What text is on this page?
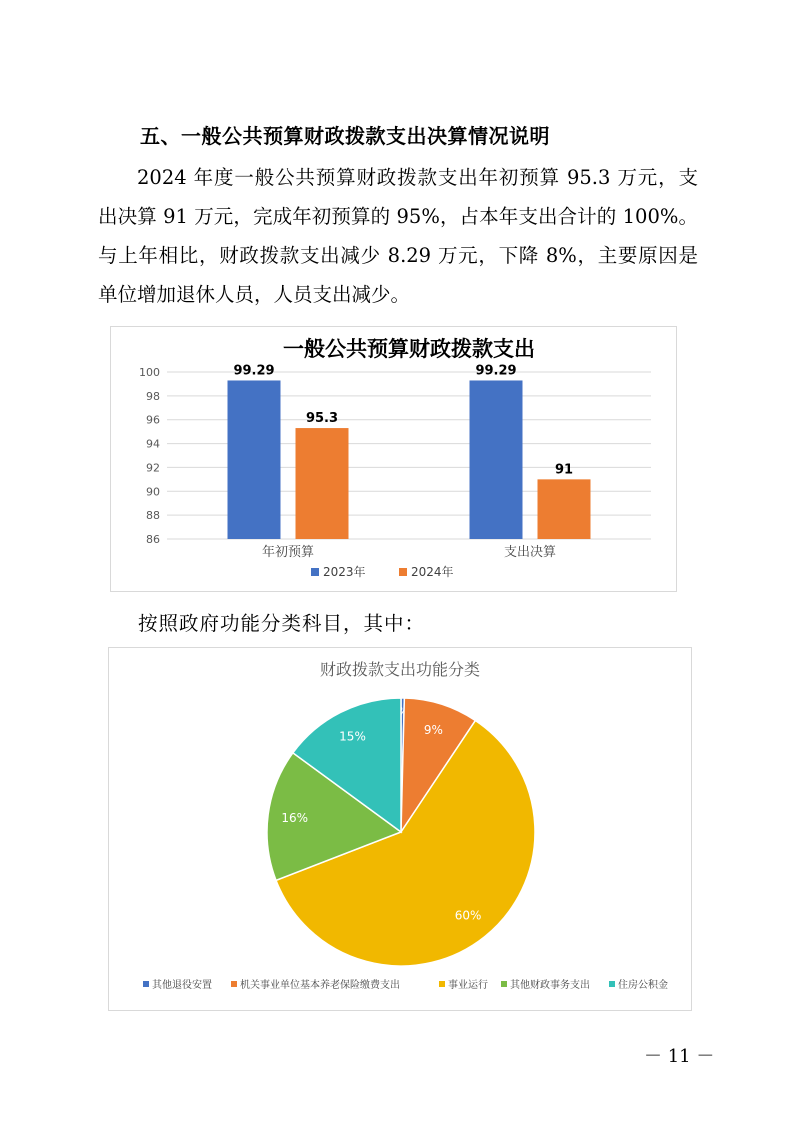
五、一般公共预算财政拨款支出决算情况说明
2024 年度一般公共预算财政拨款支出年初预算 95.3 万元，支
出决算 91 万元，完成年初预算的 95%，占本年支出合计的 100%。
与上年相比，财政拨款支出减少 8.29 万元，下降 8%，主要原因是
单位增加退休人员，人员支出减少。
一般公共预算财政拨款支出
86
88
90
92
94
96
98
100	99.29
95.3
年初预算
99.29
91
支出决算
2023年	2024年
按照政府功能分类科目，其中：
财政拨款支出功能分类
9%
60%
16%
15%
其他退役安置	机关事业单位基本养老保险缴费支出	事业运行 其他财政事务支出	住房公积金
－ 11 －
